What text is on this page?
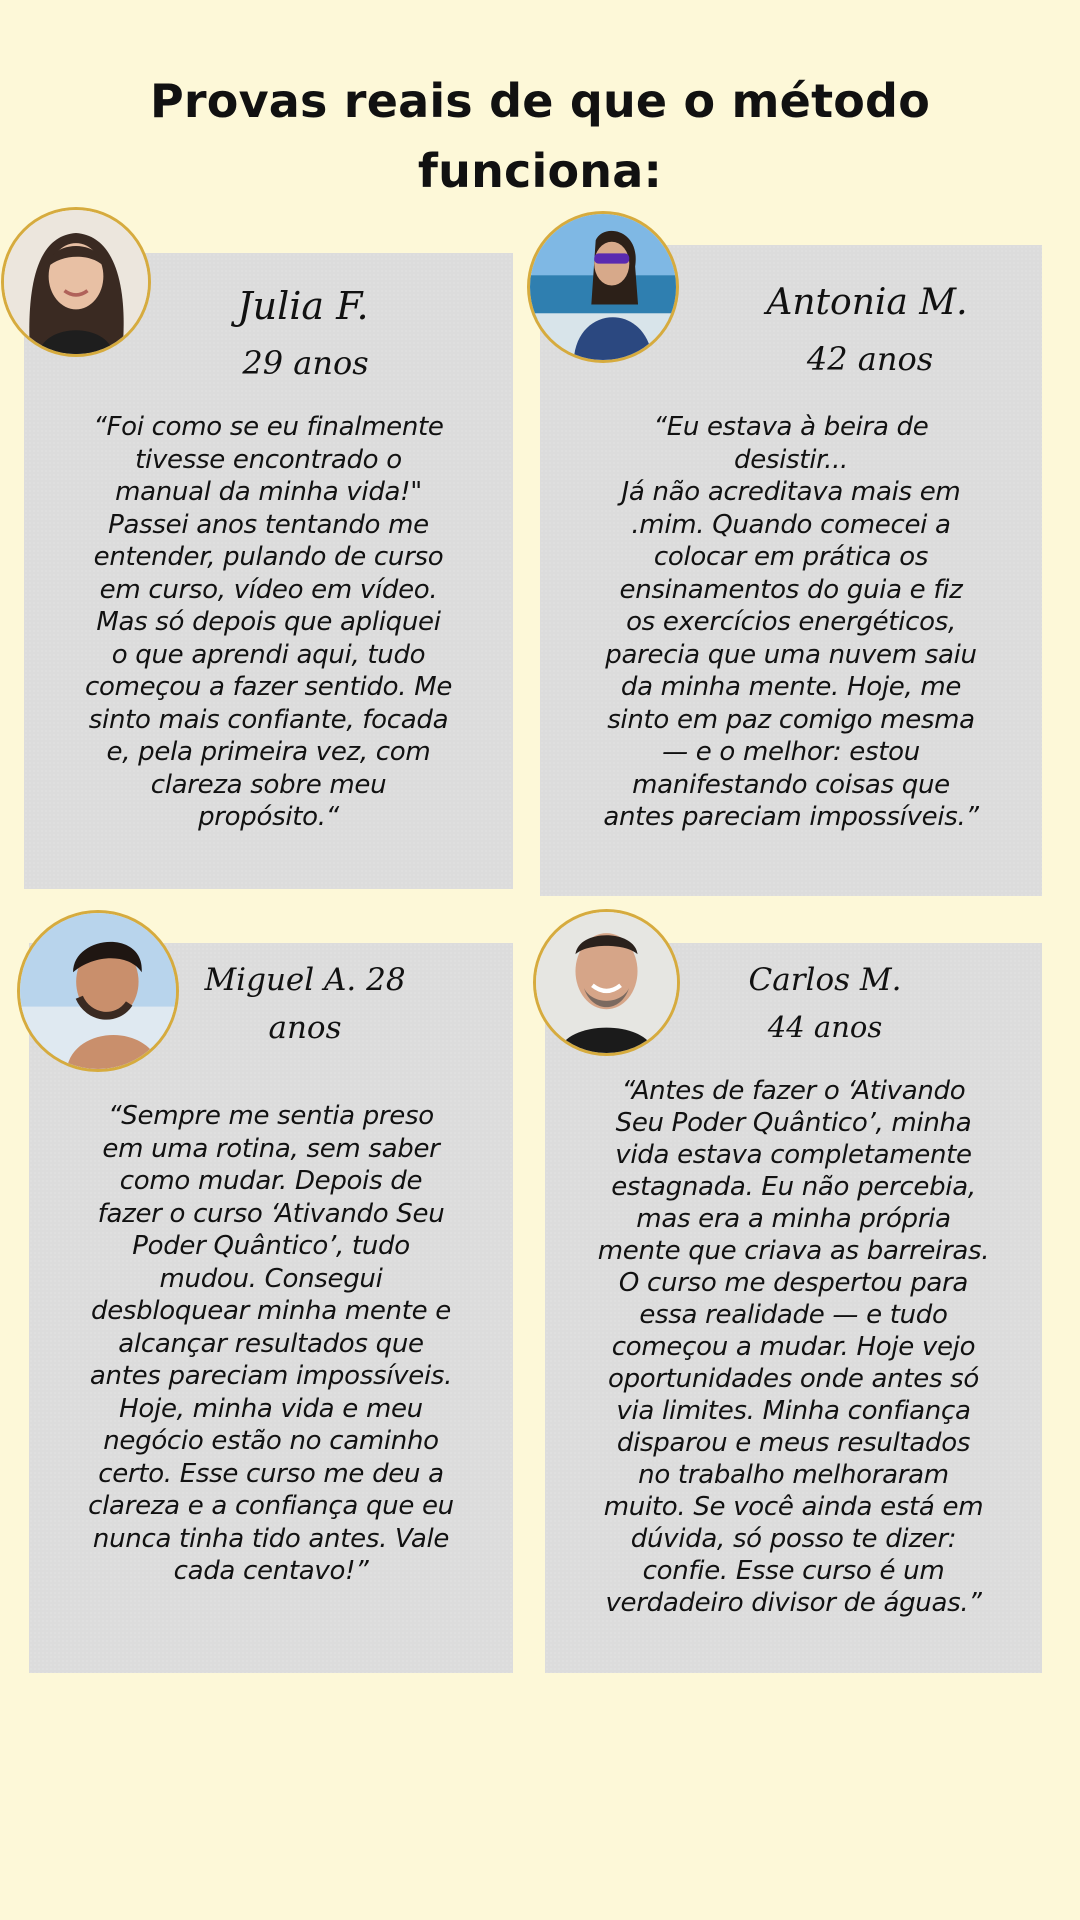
Provas reais de que o método
funciona:
Julia F.
29 anos
“Foi como se eu finalmente
tivesse encontrado o
manual da minha vida!"
Passei anos tentando me
entender, pulando de curso
em curso, vídeo em vídeo.
Mas só depois que apliquei
o que aprendi aqui, tudo
começou a fazer sentido. Me
sinto mais confiante, focada
e, pela primeira vez, com
clareza sobre meu
propósito.“
Antonia M.
42 anos
“Eu estava à beira de
desistir...
Já não acreditava mais em
.mim. Quando comecei a
colocar em prática os
ensinamentos do guia e fiz
os exercícios energéticos,
parecia que uma nuvem saiu
da minha mente. Hoje, me
sinto em paz comigo mesma
— e o melhor: estou
manifestando coisas que
antes pareciam impossíveis.”
Miguel A. 28
anos
“Sempre me sentia preso
em uma rotina, sem saber
como mudar. Depois de
fazer o curso ‘Ativando Seu
Poder Quântico’, tudo
mudou. Consegui
desbloquear minha mente e
alcançar resultados que
antes pareciam impossíveis.
Hoje, minha vida e meu
negócio estão no caminho
certo. Esse curso me deu a
clareza e a confiança que eu
nunca tinha tido antes. Vale
cada centavo!”
Carlos M.
44 anos
“Antes de fazer o ‘Ativando
Seu Poder Quântico’, minha
vida estava completamente
estagnada. Eu não percebia,
mas era a minha própria
mente que criava as barreiras.
O curso me despertou para
essa realidade — e tudo
começou a mudar. Hoje vejo
oportunidades onde antes só
via limites. Minha confiança
disparou e meus resultados
no trabalho melhoraram
muito. Se você ainda está em
dúvida, só posso te dizer:
confie. Esse curso é um
verdadeiro divisor de águas.”
